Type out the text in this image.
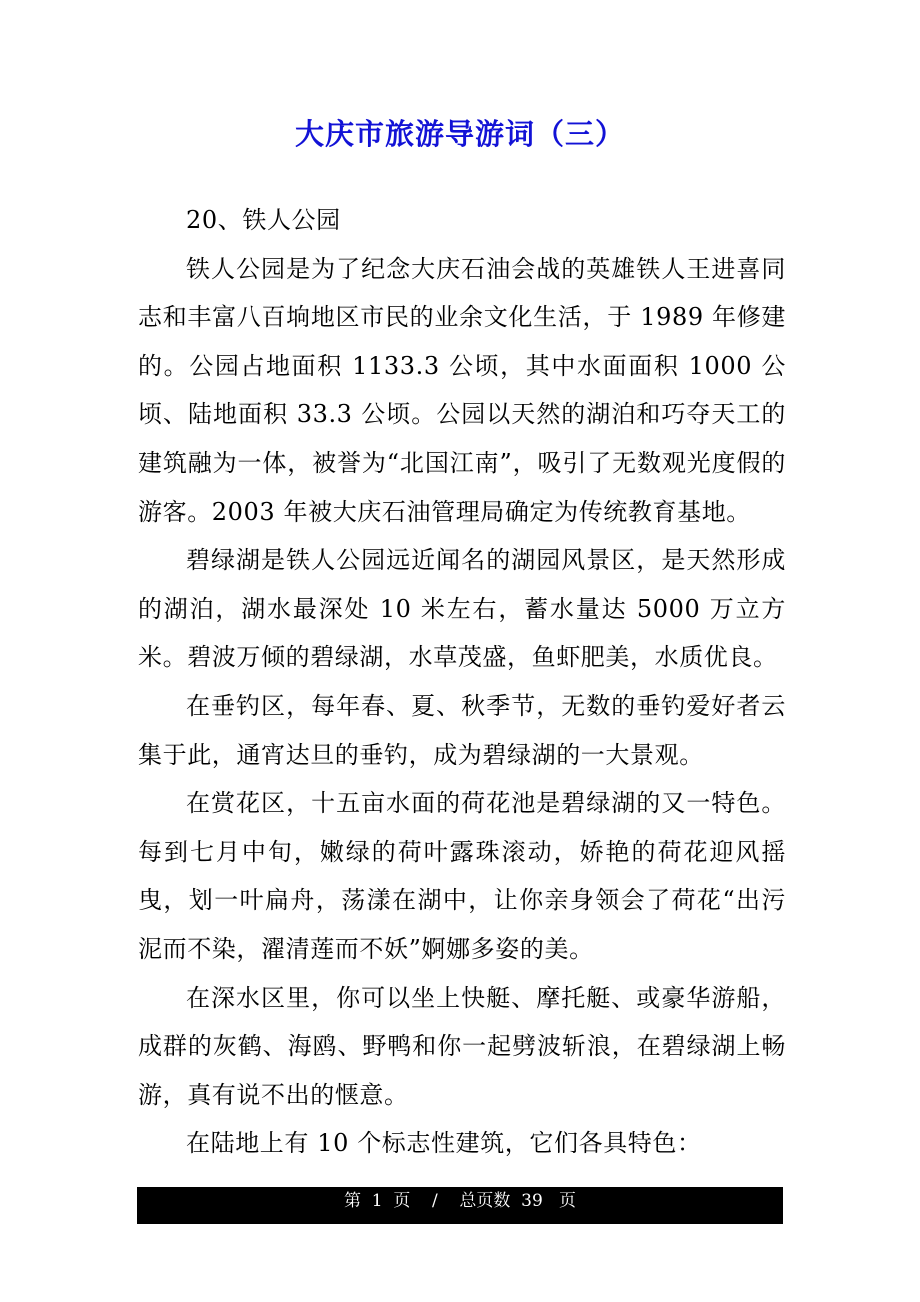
大庆市旅游导游词（三）

20、铁人公园

铁人公园是为了纪念大庆石油会战的英雄铁人王进喜同志和丰富八百垧地区市民的业余文化生活，于 1989 年修建的。公园占地面积 1133.3 公顷，其中水面面积 1000 公顷、陆地面积 33.3 公顷。公园以天然的湖泊和巧夺天工的建筑融为一体，被誉为“北国江南”，吸引了无数观光度假的游客。2003 年被大庆石油管理局确定为传统教育基地。

碧绿湖是铁人公园远近闻名的湖园风景区，是天然形成的湖泊，湖水最深处 10 米左右，蓄水量达 5000 万立方米。碧波万倾的碧绿湖，水草茂盛，鱼虾肥美，水质优良。

在垂钓区，每年春、夏、秋季节，无数的垂钓爱好者云集于此，通宵达旦的垂钓，成为碧绿湖的一大景观。

在赏花区，十五亩水面的荷花池是碧绿湖的又一特色。每到七月中旬，嫩绿的荷叶露珠滚动，娇艳的荷花迎风摇曳，划一叶扁舟，荡漾在湖中，让你亲身领会了荷花“出污泥而不染，濯清莲而不妖”婀娜多姿的美。

在深水区里，你可以坐上快艇、摩托艇、或豪华游船，成群的灰鹤、海鸥、野鸭和你一起劈波斩浪，在碧绿湖上畅游，真有说不出的惬意。

在陆地上有 10 个标志性建筑，它们各具特色：

第  1  页    /    总页数  39   页
